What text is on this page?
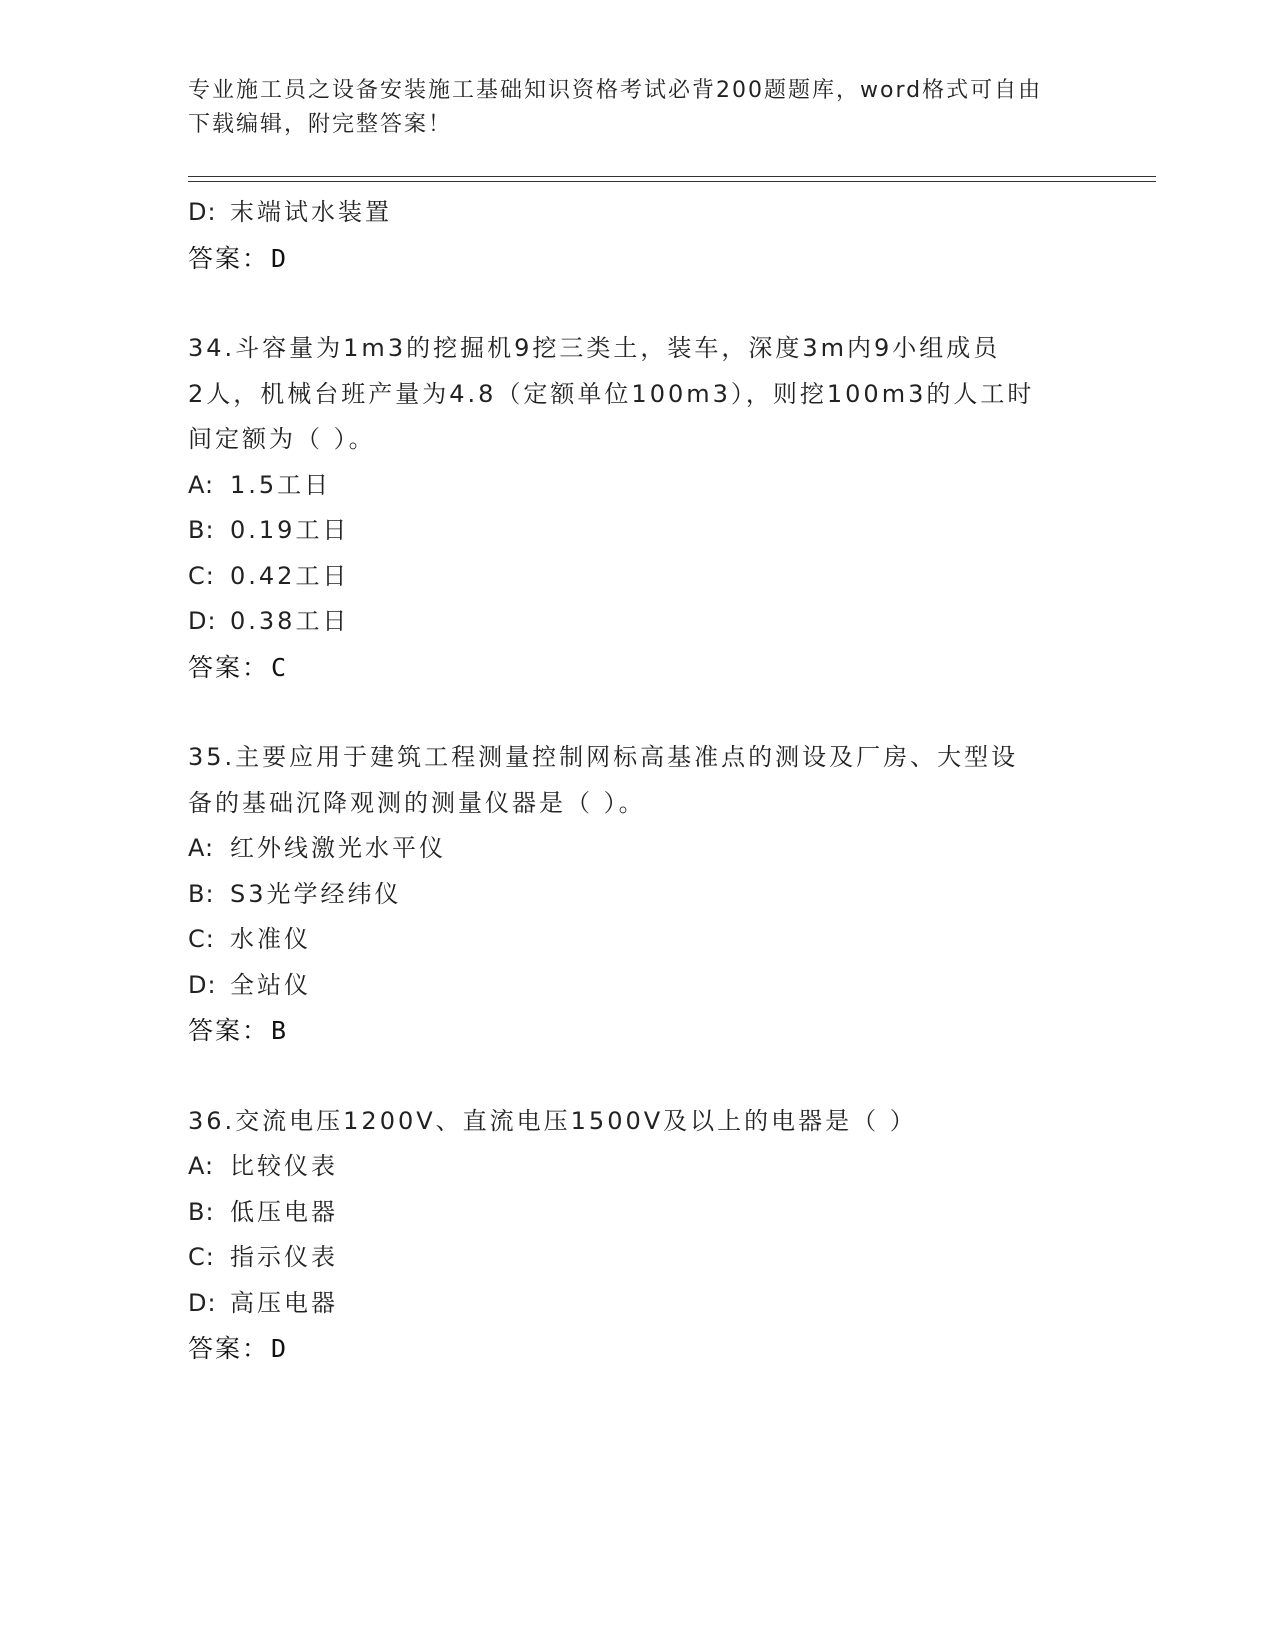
专业施工员之设备安装施工基础知识资格考试必背200题题库，word格式可自由
下载编辑，附完整答案！
D: 末端试水装置
答案：D
34.斗容量为1m3的挖掘机9挖三类土，装车，深度3m内9小组成员
2人，机械台班产量为4.8（定额单位100m3），则挖100m3的人工时
间定额为（ ）。
A: 1.5工日
B: 0.19工日
C: 0.42工日
D: 0.38工日
答案：C
35.主要应用于建筑工程测量控制网标高基准点的测设及厂房、大型设
备的基础沉降观测的测量仪器是（ ）。
A: 红外线激光水平仪
B: S3光学经纬仪
C: 水准仪
D: 全站仪
答案：B
36.交流电压1200V、直流电压1500V及以上的电器是（ ）
A: 比较仪表
B: 低压电器
C: 指示仪表
D: 高压电器
答案：D
